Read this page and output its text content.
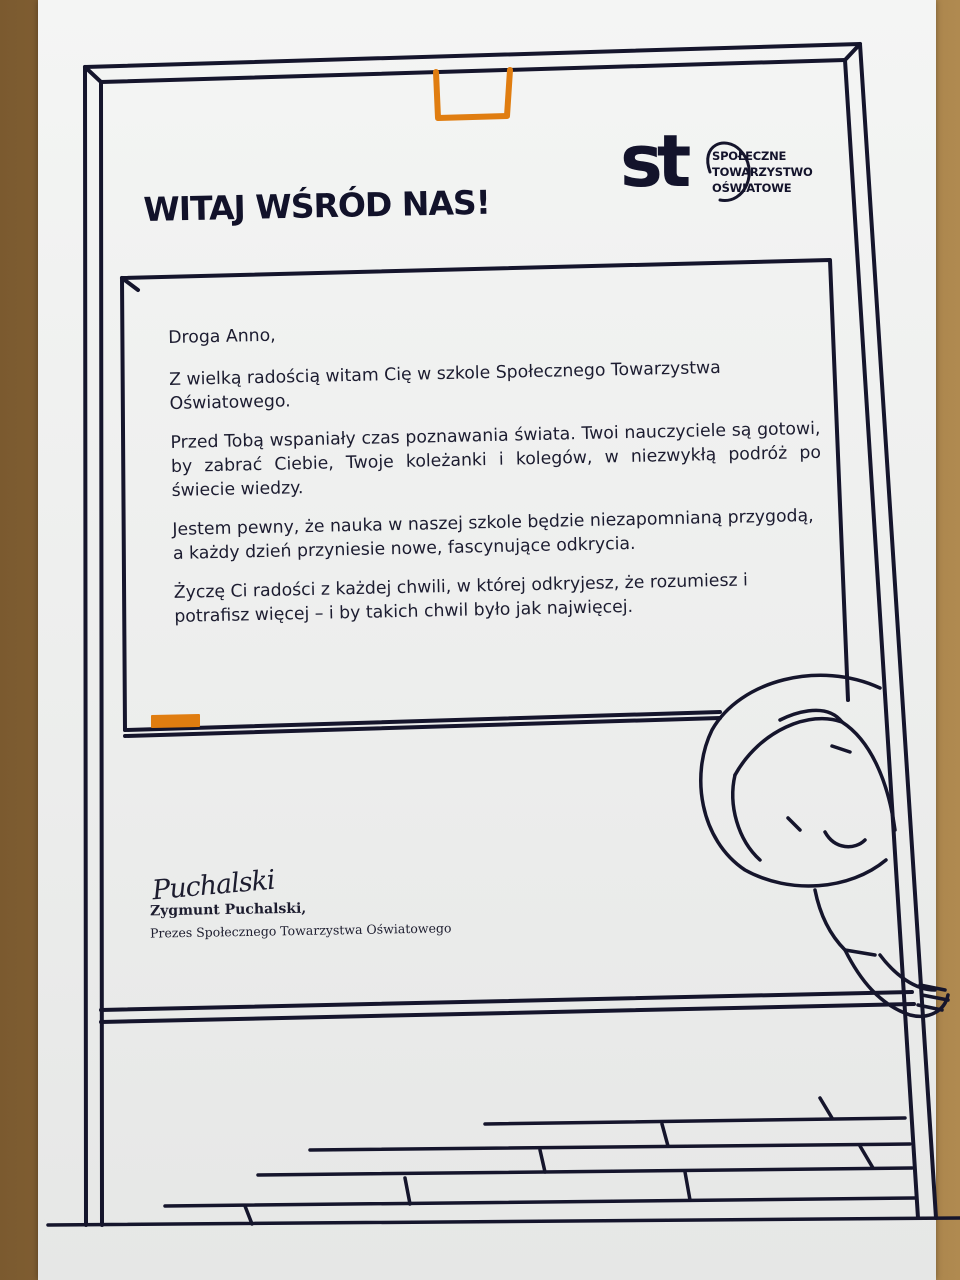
WITAJ WŚRÓD NAS!
st SPOŁECZNE
TOWARZYSTWO
OŚWIATOWE

Droga Anno,

Z wielką radością witam Cię w szkole Społecznego Towarzystwa Oświatowego.

Przed Tobą wspaniały czas poznawania świata. Twoi nauczyciele są gotowi, by zabrać Ciebie, Twoje koleżanki i kolegów, w niezwykłą podróż po świecie wiedzy.

Jestem pewny, że nauka w naszej szkole będzie niezapomnianą przygodą, a każdy dzień przyniesie nowe, fascynujące odkrycia.

Życzę Ci radości z każdej chwili, w której odkryjesz, że rozumiesz i potrafisz więcej – i by takich chwil było jak najwięcej.

Puchalski
Zygmunt Puchalski,
Prezes Społecznego Towarzystwa Oświatowego
